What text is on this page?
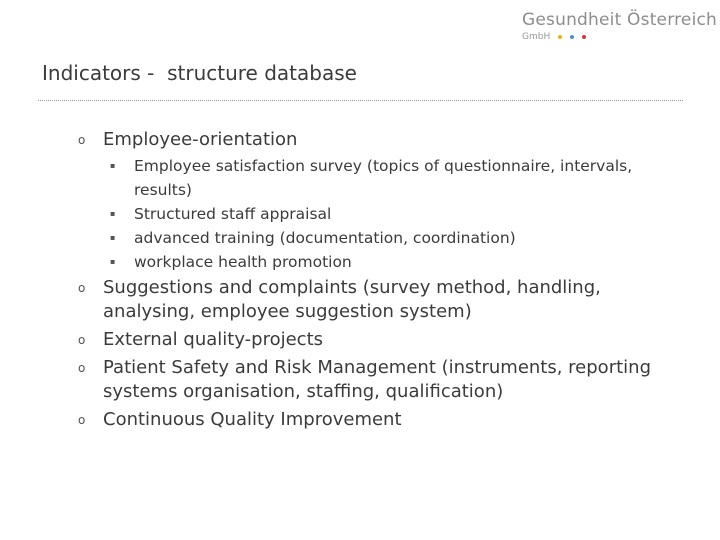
Gesundheit Österreich
GmbH
Indicators -  structure database
o Employee-orientation
▪ Employee satisfaction survey (topics of questionnaire, intervals, results)
▪ Structured staff appraisal
▪ advanced training (documentation, coordination)
▪ workplace health promotion
o Suggestions and complaints (survey method, handling, analysing, employee suggestion system)
o External quality-projects
o Patient Safety and Risk Management (instruments, reporting systems organisation, staffing, qualification)
o Continuous Quality Improvement
